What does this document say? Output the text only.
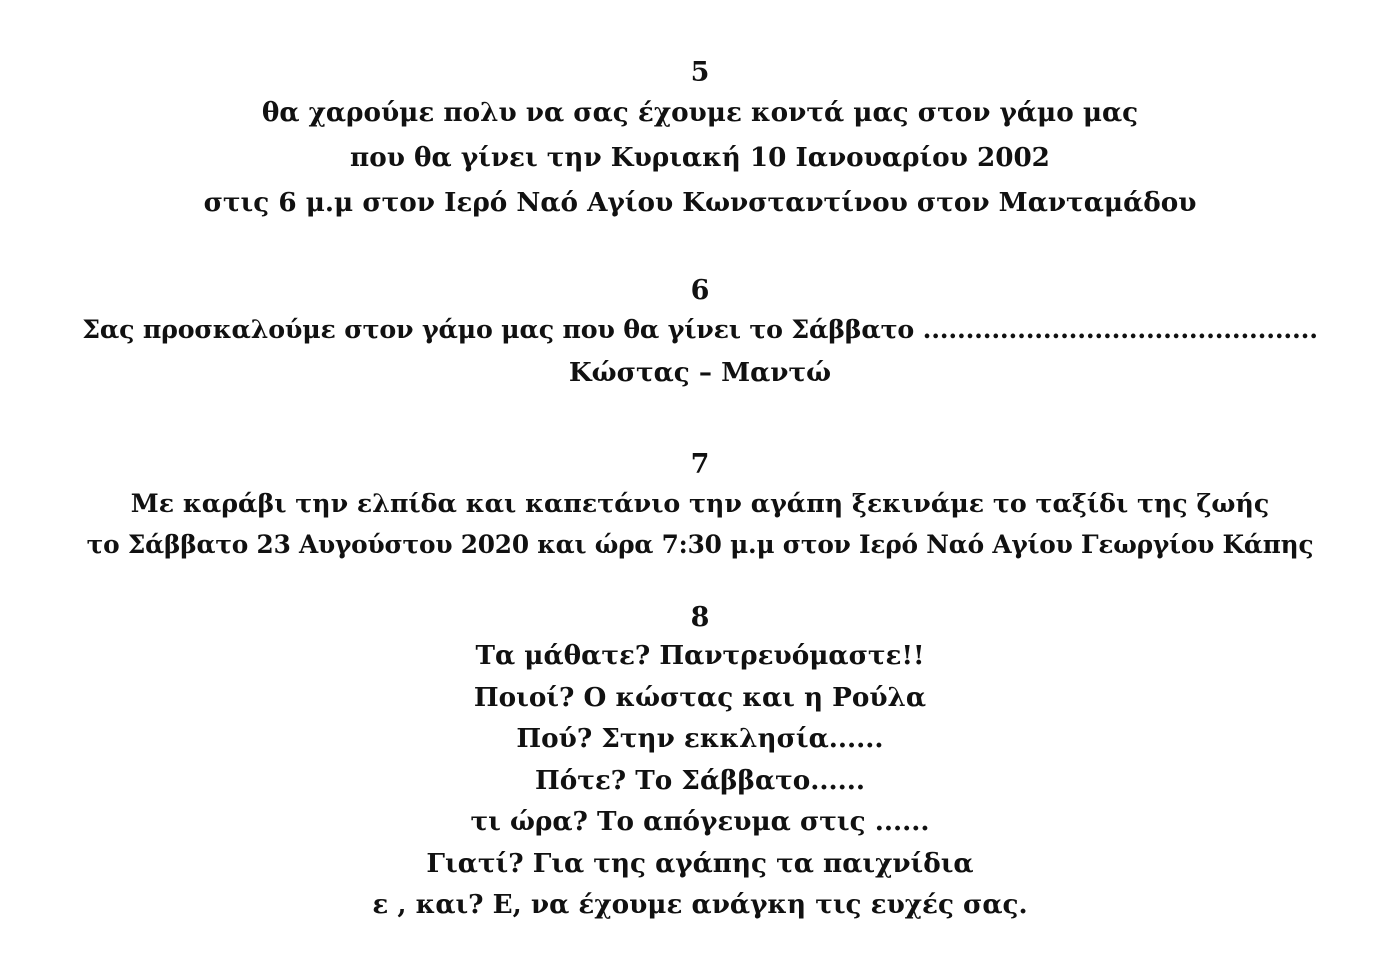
5
θα χαρούμε πολυ να σας έχουμε κοντά μας στον γάμο μας
που θα γίνει την Κυριακή 10 Ιανουαρίου 2002
στις 6 μ.μ στον Ιερό Ναό Αγίου Κωνσταντίνου στον Μανταμάδου
6
Σας προσκαλούμε στον γάμο μας που θα γίνει το Σάββατο ..............................................
Κώστας – Μαντώ
7
Με καράβι την ελπίδα και καπετάνιο την αγάπη ξεκινάμε το ταξίδι της ζωής
το Σάββατο 23 Αυγούστου 2020 και ώρα 7:30 μ.μ στον Ιερό Ναό Αγίου Γεωργίου Κάπης
8
Τα μάθατε? Παντρευόμαστε!!
Ποιοί? Ο κώστας και η Ρούλα
Πού? Στην εκκλησία......
Πότε? Το Σάββατο......
τι ώρα? Το απόγευμα στις ......
Γιατί? Για της αγάπης τα παιχνίδια
ε , και? Ε, να έχουμε ανάγκη τις ευχές σας.
